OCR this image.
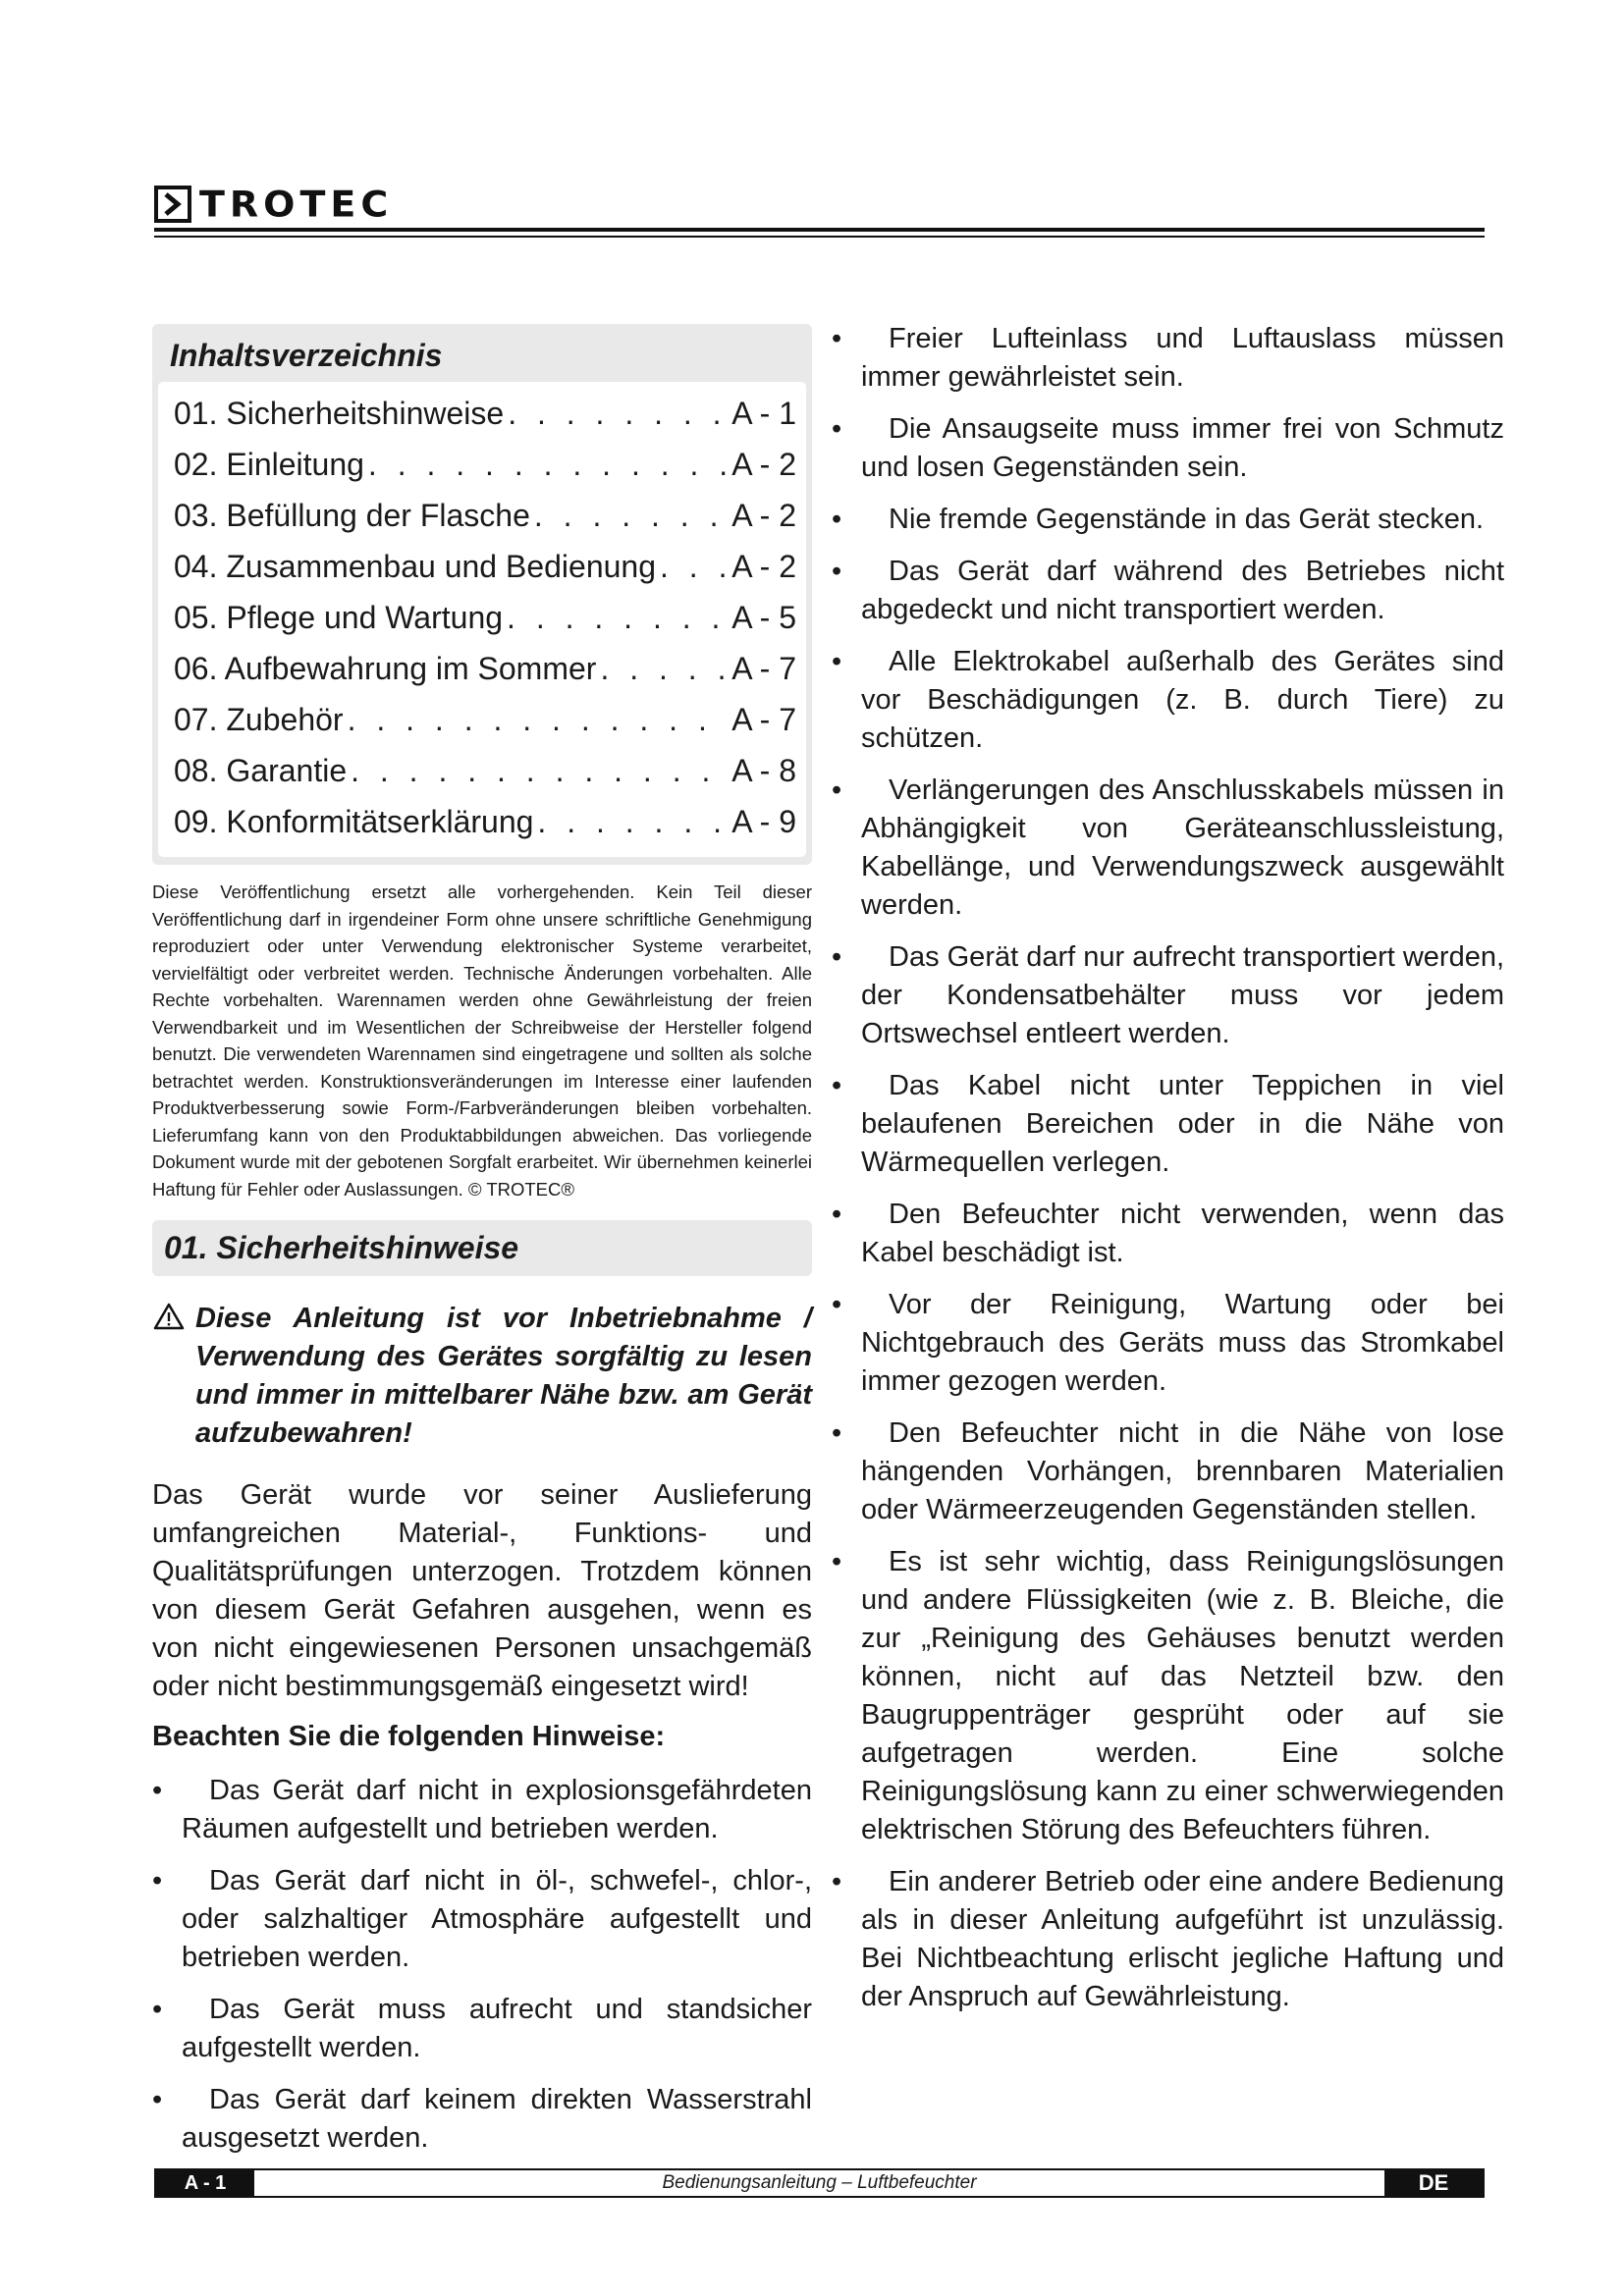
TROTEC
Inhaltsverzeichnis
01. Sicherheitshinweise . . .	A - 1
02. Einleitung . . .	A - 2
03. Befüllung der Flasche . . .	A - 2
04. Zusammenbau und Bedienung . . . A - 2
05. Pflege und Wartung . . .	A - 5
06. Aufbewahrung im Sommer . . .	A - 7
07. Zubehör . . .	A - 7
08. Garantie . . .	A - 8
09. Konformitätserklärung . . .	A - 9
Diese Veröffentlichung ersetzt alle vorhergehenden. Kein Teil dieser Veröffentlichung darf in irgendeiner Form ohne unsere schriftliche Genehmigung reproduziert oder unter Verwendung elektronischer Systeme verarbeitet, vervielfältigt oder verbreitet werden. Technische Änderungen vorbehalten. Alle Rechte vorbehalten. Warennamen werden ohne Gewährleistung der freien Verwendbarkeit und im Wesentlichen der Schreibweise der Hersteller folgend benutzt. Die verwendeten Warennamen sind eingetragene und sollten als solche betrachtet werden. Konstruktionsveränderungen im Interesse einer laufenden Produktverbesserung sowie Form-/Farbveränderungen bleiben vorbehalten. Lieferumfang kann von den Produktabbildungen abweichen. Das vorliegende Dokument wurde mit der gebotenen Sorgfalt erarbeitet. Wir übernehmen keinerlei Haftung für Fehler oder Auslassungen. © TROTEC®
01. Sicherheitshinweise
Diese Anleitung ist vor Inbetriebnahme / Verwendung des Gerätes sorgfältig zu lesen und immer in mittelbarer Nähe bzw. am Gerät aufzubewahren!
Das Gerät wurde vor seiner Auslieferung umfangreichen Material-, Funktions- und Qualitätsprüfungen unterzogen. Trotzdem können von diesem Gerät Gefahren ausgehen, wenn es von nicht eingewiesenen Personen unsachgemäß oder nicht bestimmungsgemäß eingesetzt wird!
Beachten Sie die folgenden Hinweise:
• Das Gerät darf nicht in explosionsgefährdeten Räumen aufgestellt und betrieben werden.
• Das Gerät darf nicht in öl-, schwefel-, chlor-, oder salzhaltiger Atmosphäre aufgestellt und betrieben werden.
• Das Gerät muss aufrecht und standsicher aufgestellt werden.
• Das Gerät darf keinem direkten Wasserstrahl ausgesetzt werden.
• Freier Lufteinlass und Luftauslass müssen immer gewährleistet sein.
• Die Ansaugseite muss immer frei von Schmutz und losen Gegenständen sein.
• Nie fremde Gegenstände in das Gerät stecken.
• Das Gerät darf während des Betriebes nicht abgedeckt und nicht transportiert werden.
• Alle Elektrokabel außerhalb des Gerätes sind vor Beschädigungen (z. B. durch Tiere) zu schützen.
• Verlängerungen des Anschlusskabels müssen in Abhängigkeit von Geräteanschlussleistung, Kabellänge, und Verwendungszweck ausgewählt werden.
• Das Gerät darf nur aufrecht transportiert werden, der Kondensatbehälter muss vor jedem Ortswechsel entleert werden.
• Das Kabel nicht unter Teppichen in viel belaufenen Bereichen oder in die Nähe von Wärmequellen verlegen.
• Den Befeuchter nicht verwenden, wenn das Kabel beschädigt ist.
• Vor der Reinigung, Wartung oder bei Nichtgebrauch des Geräts muss das Stromkabel immer gezogen werden.
• Den Befeuchter nicht in die Nähe von lose hängenden Vorhängen, brennbaren Materialien oder Wärmeerzeugenden Gegenständen stellen.
• Es ist sehr wichtig, dass Reinigungslösungen und andere Flüssigkeiten (wie z. B. Bleiche, die zur „Reinigung des Gehäuses benutzt werden können, nicht auf das Netzteil bzw. den Baugruppenträger gesprüht oder auf sie aufgetragen werden. Eine solche Reinigungslösung kann zu einer schwerwiegenden elektrischen Störung des Befeuchters führen.
• Ein anderer Betrieb oder eine andere Bedienung als in dieser Anleitung aufgeführt ist unzulässig. Bei Nichtbeachtung erlischt jegliche Haftung und der Anspruch auf Gewährleistung.
A - 1	Bedienungsanleitung – Luftbefeuchter	DE
